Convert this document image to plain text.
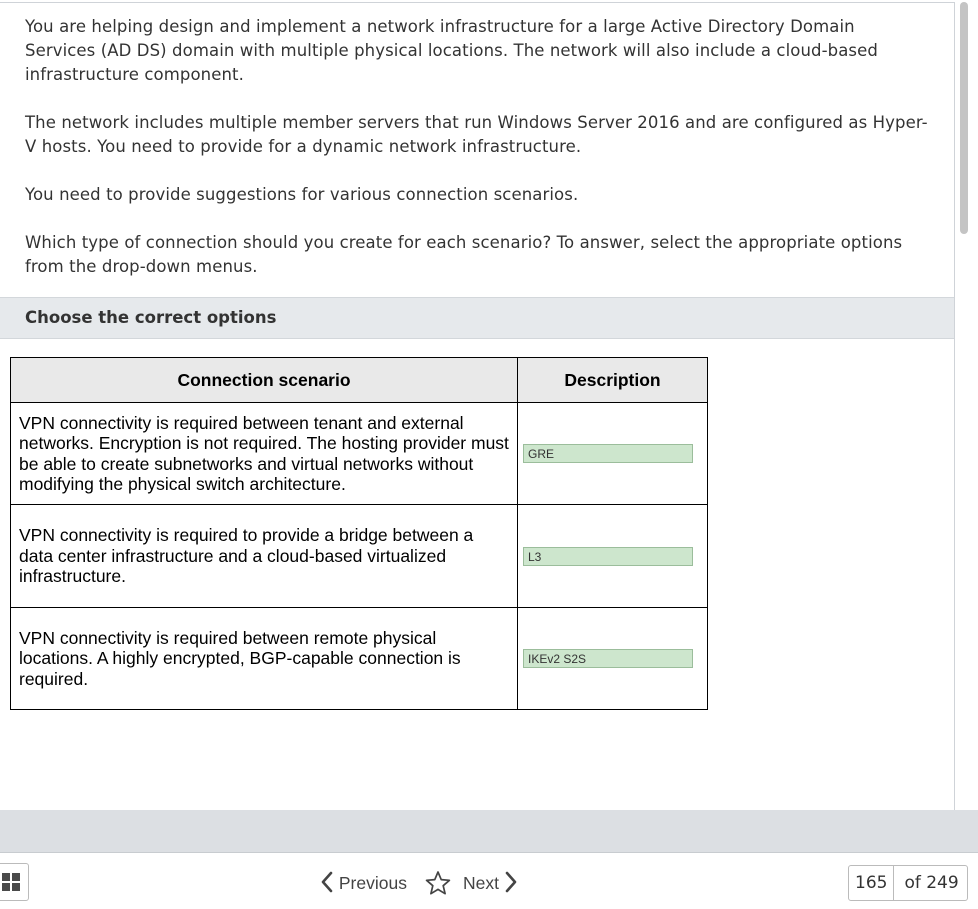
You are helping design and implement a network infrastructure for a large Active Directory Domain Services (AD DS) domain with multiple physical locations. The network will also include a cloud-based infrastructure component.

The network includes multiple member servers that run Windows Server 2016 and are configured as Hyper-V hosts. You need to provide for a dynamic network infrastructure.

You need to provide suggestions for various connection scenarios.

Which type of connection should you create for each scenario? To answer, select the appropriate options from the drop-down menus.

Choose the correct options
Connection scenario	Description
VPN connectivity is required between tenant and external networks. Encryption is not required. The hosting provider must be able to create subnetworks and virtual networks without modifying the physical switch architecture.	GRE

VPN connectivity is required to provide a bridge between a data center infrastructure and a cloud-based virtualized infrastructure.	L3

VPN connectivity is required between remote physical locations. A highly encrypted, BGP-capable connection is required.	IKEv2 S2S
Previous	Next	165	of 249
